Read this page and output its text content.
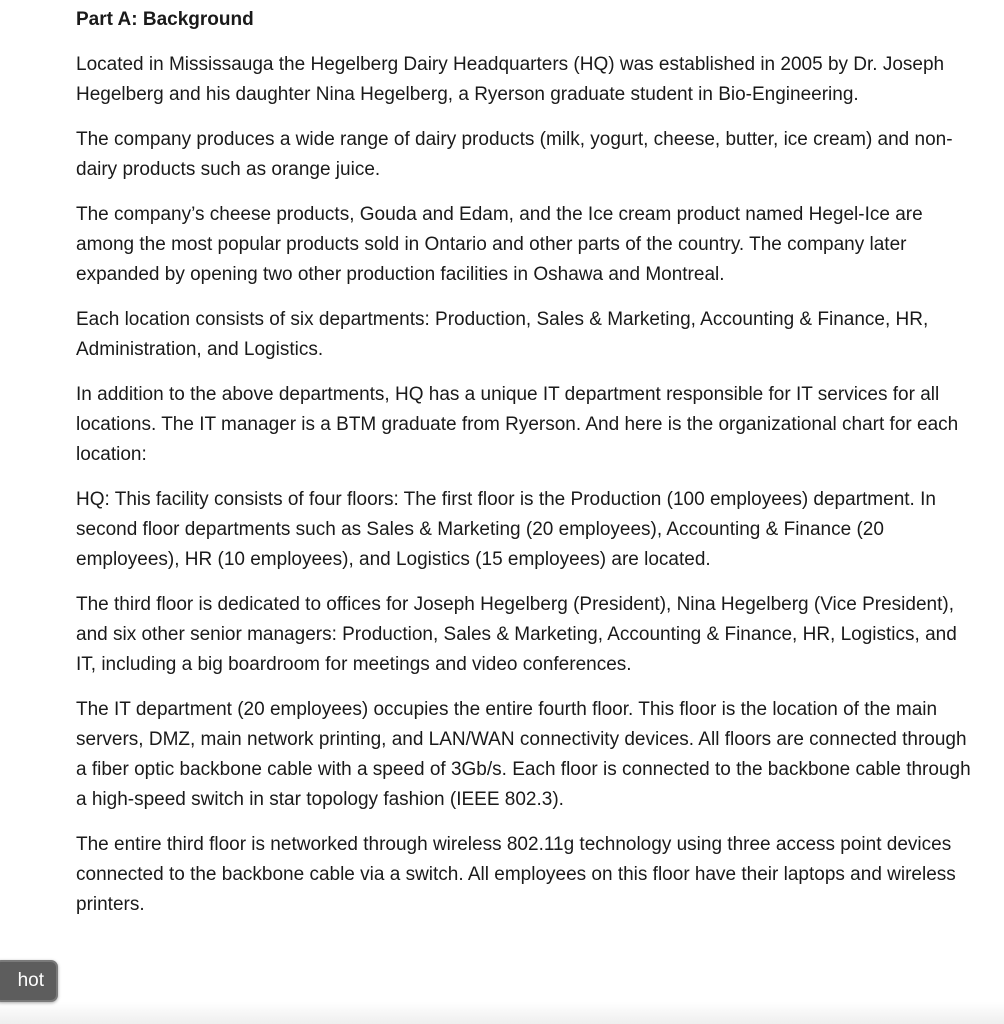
Part A: Background

Located in Mississauga the Hegelberg Dairy Headquarters (HQ) was established in 2005 by Dr. Joseph Hegelberg and his daughter Nina Hegelberg, a Ryerson graduate student in Bio-Engineering.

The company produces a wide range of dairy products (milk, yogurt, cheese, butter, ice cream) and non-dairy products such as orange juice.

The company’s cheese products, Gouda and Edam, and the Ice cream product named Hegel-Ice are among the most popular products sold in Ontario and other parts of the country. The company later expanded by opening two other production facilities in Oshawa and Montreal.

Each location consists of six departments: Production, Sales & Marketing, Accounting & Finance, HR, Administration, and Logistics.

In addition to the above departments, HQ has a unique IT department responsible for IT services for all locations. The IT manager is a BTM graduate from Ryerson. And here is the organizational chart for each location:

HQ: This facility consists of four floors: The first floor is the Production (100 employees) department. In second floor departments such as Sales & Marketing (20 employees), Accounting & Finance (20 employees), HR (10 employees), and Logistics (15 employees) are located.

The third floor is dedicated to offices for Joseph Hegelberg (President), Nina Hegelberg (Vice President), and six other senior managers: Production, Sales & Marketing, Accounting & Finance, HR, Logistics, and IT, including a big boardroom for meetings and video conferences.

The IT department (20 employees) occupies the entire fourth floor. This floor is the location of the main servers, DMZ, main network printing, and LAN/WAN connectivity devices. All floors are connected through a fiber optic backbone cable with a speed of 3Gb/s. Each floor is connected to the backbone cable through a high-speed switch in star topology fashion (IEEE 802.3).

The entire third floor is networked through wireless 802.11g technology using three access point devices connected to the backbone cable via a switch. All employees on this floor have their laptops and wireless printers.

hot
